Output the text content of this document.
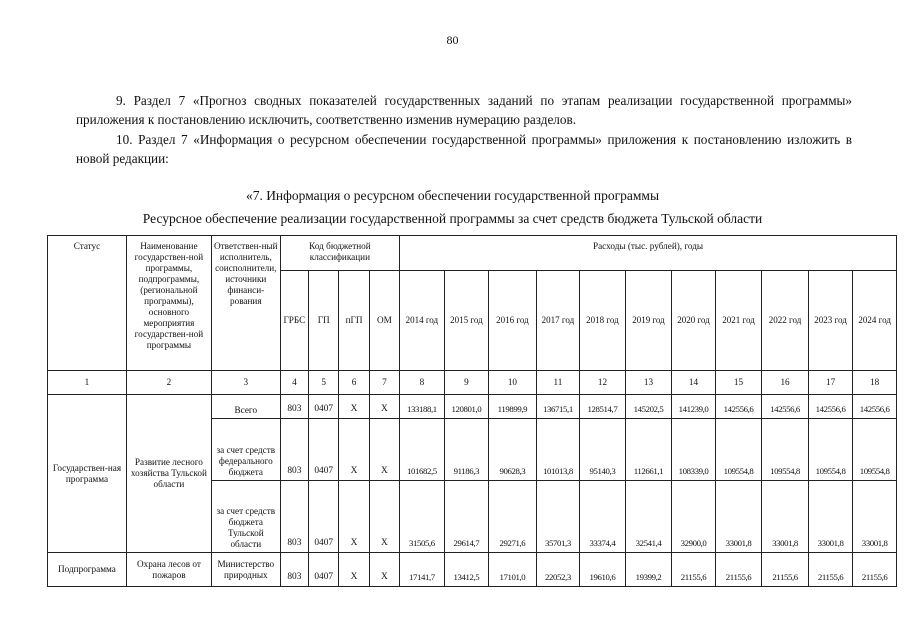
80
9. Раздел 7 «Прогноз сводных показателей государственных заданий по этапам реализации государственной программы» приложения к постановлению исключить, соответственно изменив нумерацию разделов.
10. Раздел 7 «Информация о ресурсном обеспечении государственной программы» приложения к постановлению изложить в новой редакции:
«7. Информация о ресурсном обеспечении государственной программы
Ресурсное обеспечение реализации государственной программы за счет средств бюджета Тульской области
Статус	Наименование государствен-ной программы, подпрограммы, (региональной программы), основного мероприятия государствен-ной программы	Ответствен-ный исполнитель, соисполнители, источники финанси-рования	Код бюджетной классификации				Расходы (тыс. рублей), годы										
			ГРБС	ГП	пГП	ОМ	2014 год	2015 год	2016 год	2017 год	2018 год	2019 год	2020 год	2021 год	2022 год	2023 год	2024 год
1	2	3	4	5	6	7	8	9	10	11	12	13	14	15	16	17	18
Государствен-ная программа	Развитие лесного хозяйства Тульской области	Всего	803	0407	X	X	133188,1	120801,0	119899,9	136715,1	128514,7	145202,5	141239,0	142556,6	142556,6	142556,6	142556,6
		за счет средств федерального бюджета	803	0407	X	X	101682,5	91186,3	90628,3	101013,8	95140,3	112661,1	108339,0	109554,8	109554,8	109554,8	109554,8
		за счет средств бюджета Тульской области	803	0407	X	X	31505,6	29614,7	29271,6	35701,3	33374,4	32541,4	32900,0	33001,8	33001,8	33001,8	33001,8
Подпрограмма	Охрана лесов от пожаров	Министерство природных	803	0407	X	X	17141,7	13412,5	17101,0	22052,3	19610,6	19399,2	21155,6	21155,6	21155,6	21155,6	21155,6
